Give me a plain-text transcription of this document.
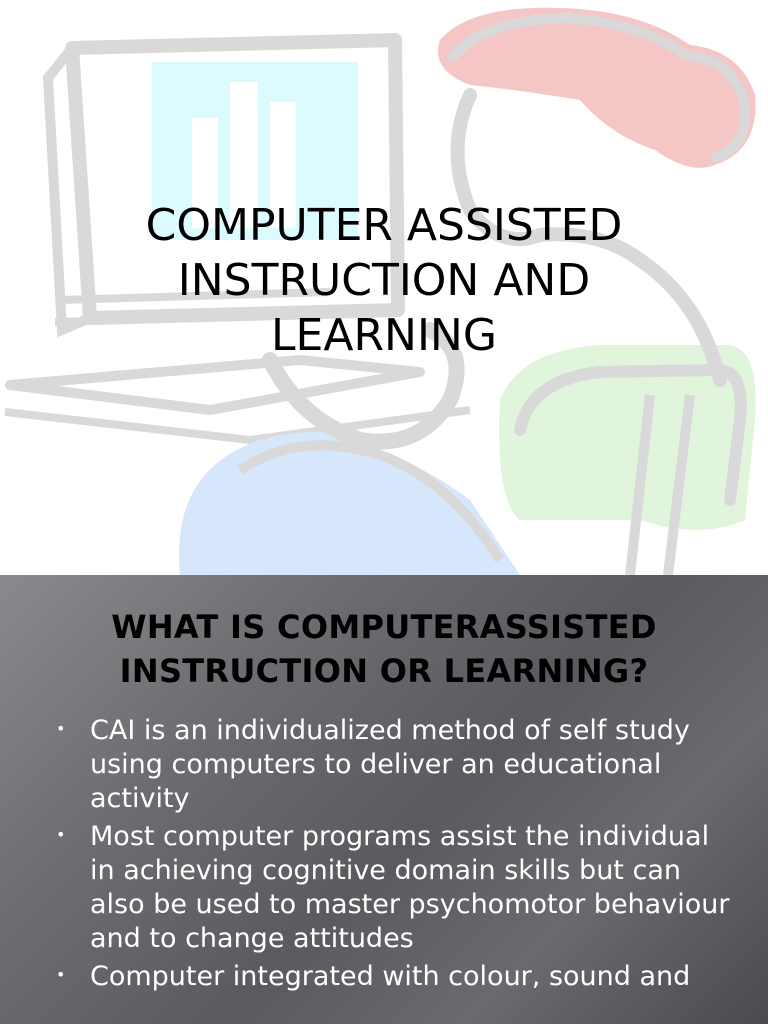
COMPUTER ASSISTED
INSTRUCTION AND
LEARNING
WHAT IS COMPUTERASSISTED
INSTRUCTION OR LEARNING?
• CAI is an individualized method of self study using computers to deliver an educational activity
• Most computer programs assist the individual in achieving cognitive domain skills but can also be used to master psychomotor behaviour and to change attitudes
• Computer integrated with colour, sound and
